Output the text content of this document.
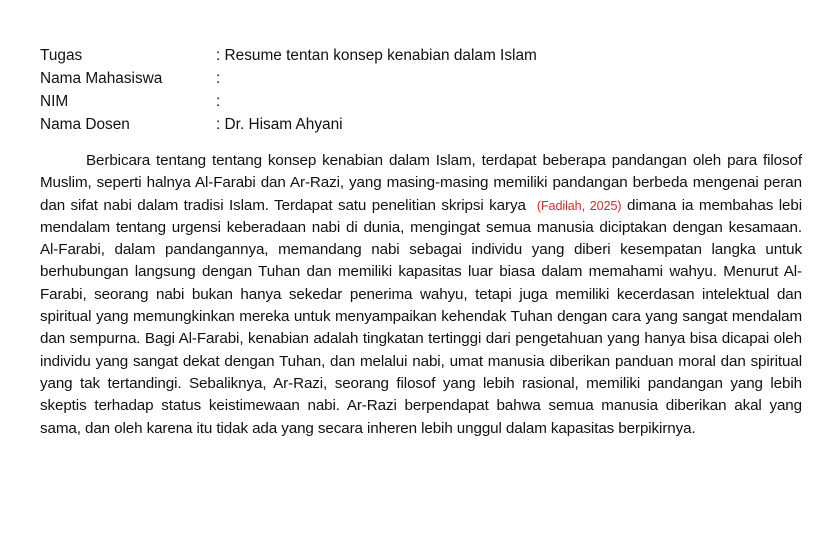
Tugas	: Resume tentan konsep kenabian dalam Islam
Nama Mahasiswa	:
NIM	:
Nama Dosen	: Dr. Hisam Ahyani

Berbicara tentang tentang konsep kenabian dalam Islam, terdapat beberapa pandangan oleh para filosof Muslim, seperti halnya Al-Farabi dan Ar-Razi, yang masing-masing memiliki pandangan berbeda mengenai peran dan sifat nabi dalam tradisi Islam. Terdapat satu penelitian skripsi karya (Fadilah, 2025) dimana ia membahas lebi mendalam tentang urgensi keberadaan nabi di dunia, mengingat semua manusia diciptakan dengan kesamaan. Al-Farabi, dalam pandangannya, memandang nabi sebagai individu yang diberi kesempatan langka untuk berhubungan langsung dengan Tuhan dan memiliki kapasitas luar biasa dalam memahami wahyu. Menurut Al-Farabi, seorang nabi bukan hanya sekedar penerima wahyu, tetapi juga memiliki kecerdasan intelektual dan spiritual yang memungkinkan mereka untuk menyampaikan kehendak Tuhan dengan cara yang sangat mendalam dan sempurna. Bagi Al-Farabi, kenabian adalah tingkatan tertinggi dari pengetahuan yang hanya bisa dicapai oleh individu yang sangat dekat dengan Tuhan, dan melalui nabi, umat manusia diberikan panduan moral dan spiritual yang tak tertandingi. Sebaliknya, Ar-Razi, seorang filosof yang lebih rasional, memiliki pandangan yang lebih skeptis terhadap status keistimewaan nabi. Ar-Razi berpendapat bahwa semua manusia diberikan akal yang sama, dan oleh karena itu tidak ada yang secara inheren lebih unggul dalam kapasitas berpikirnya.
